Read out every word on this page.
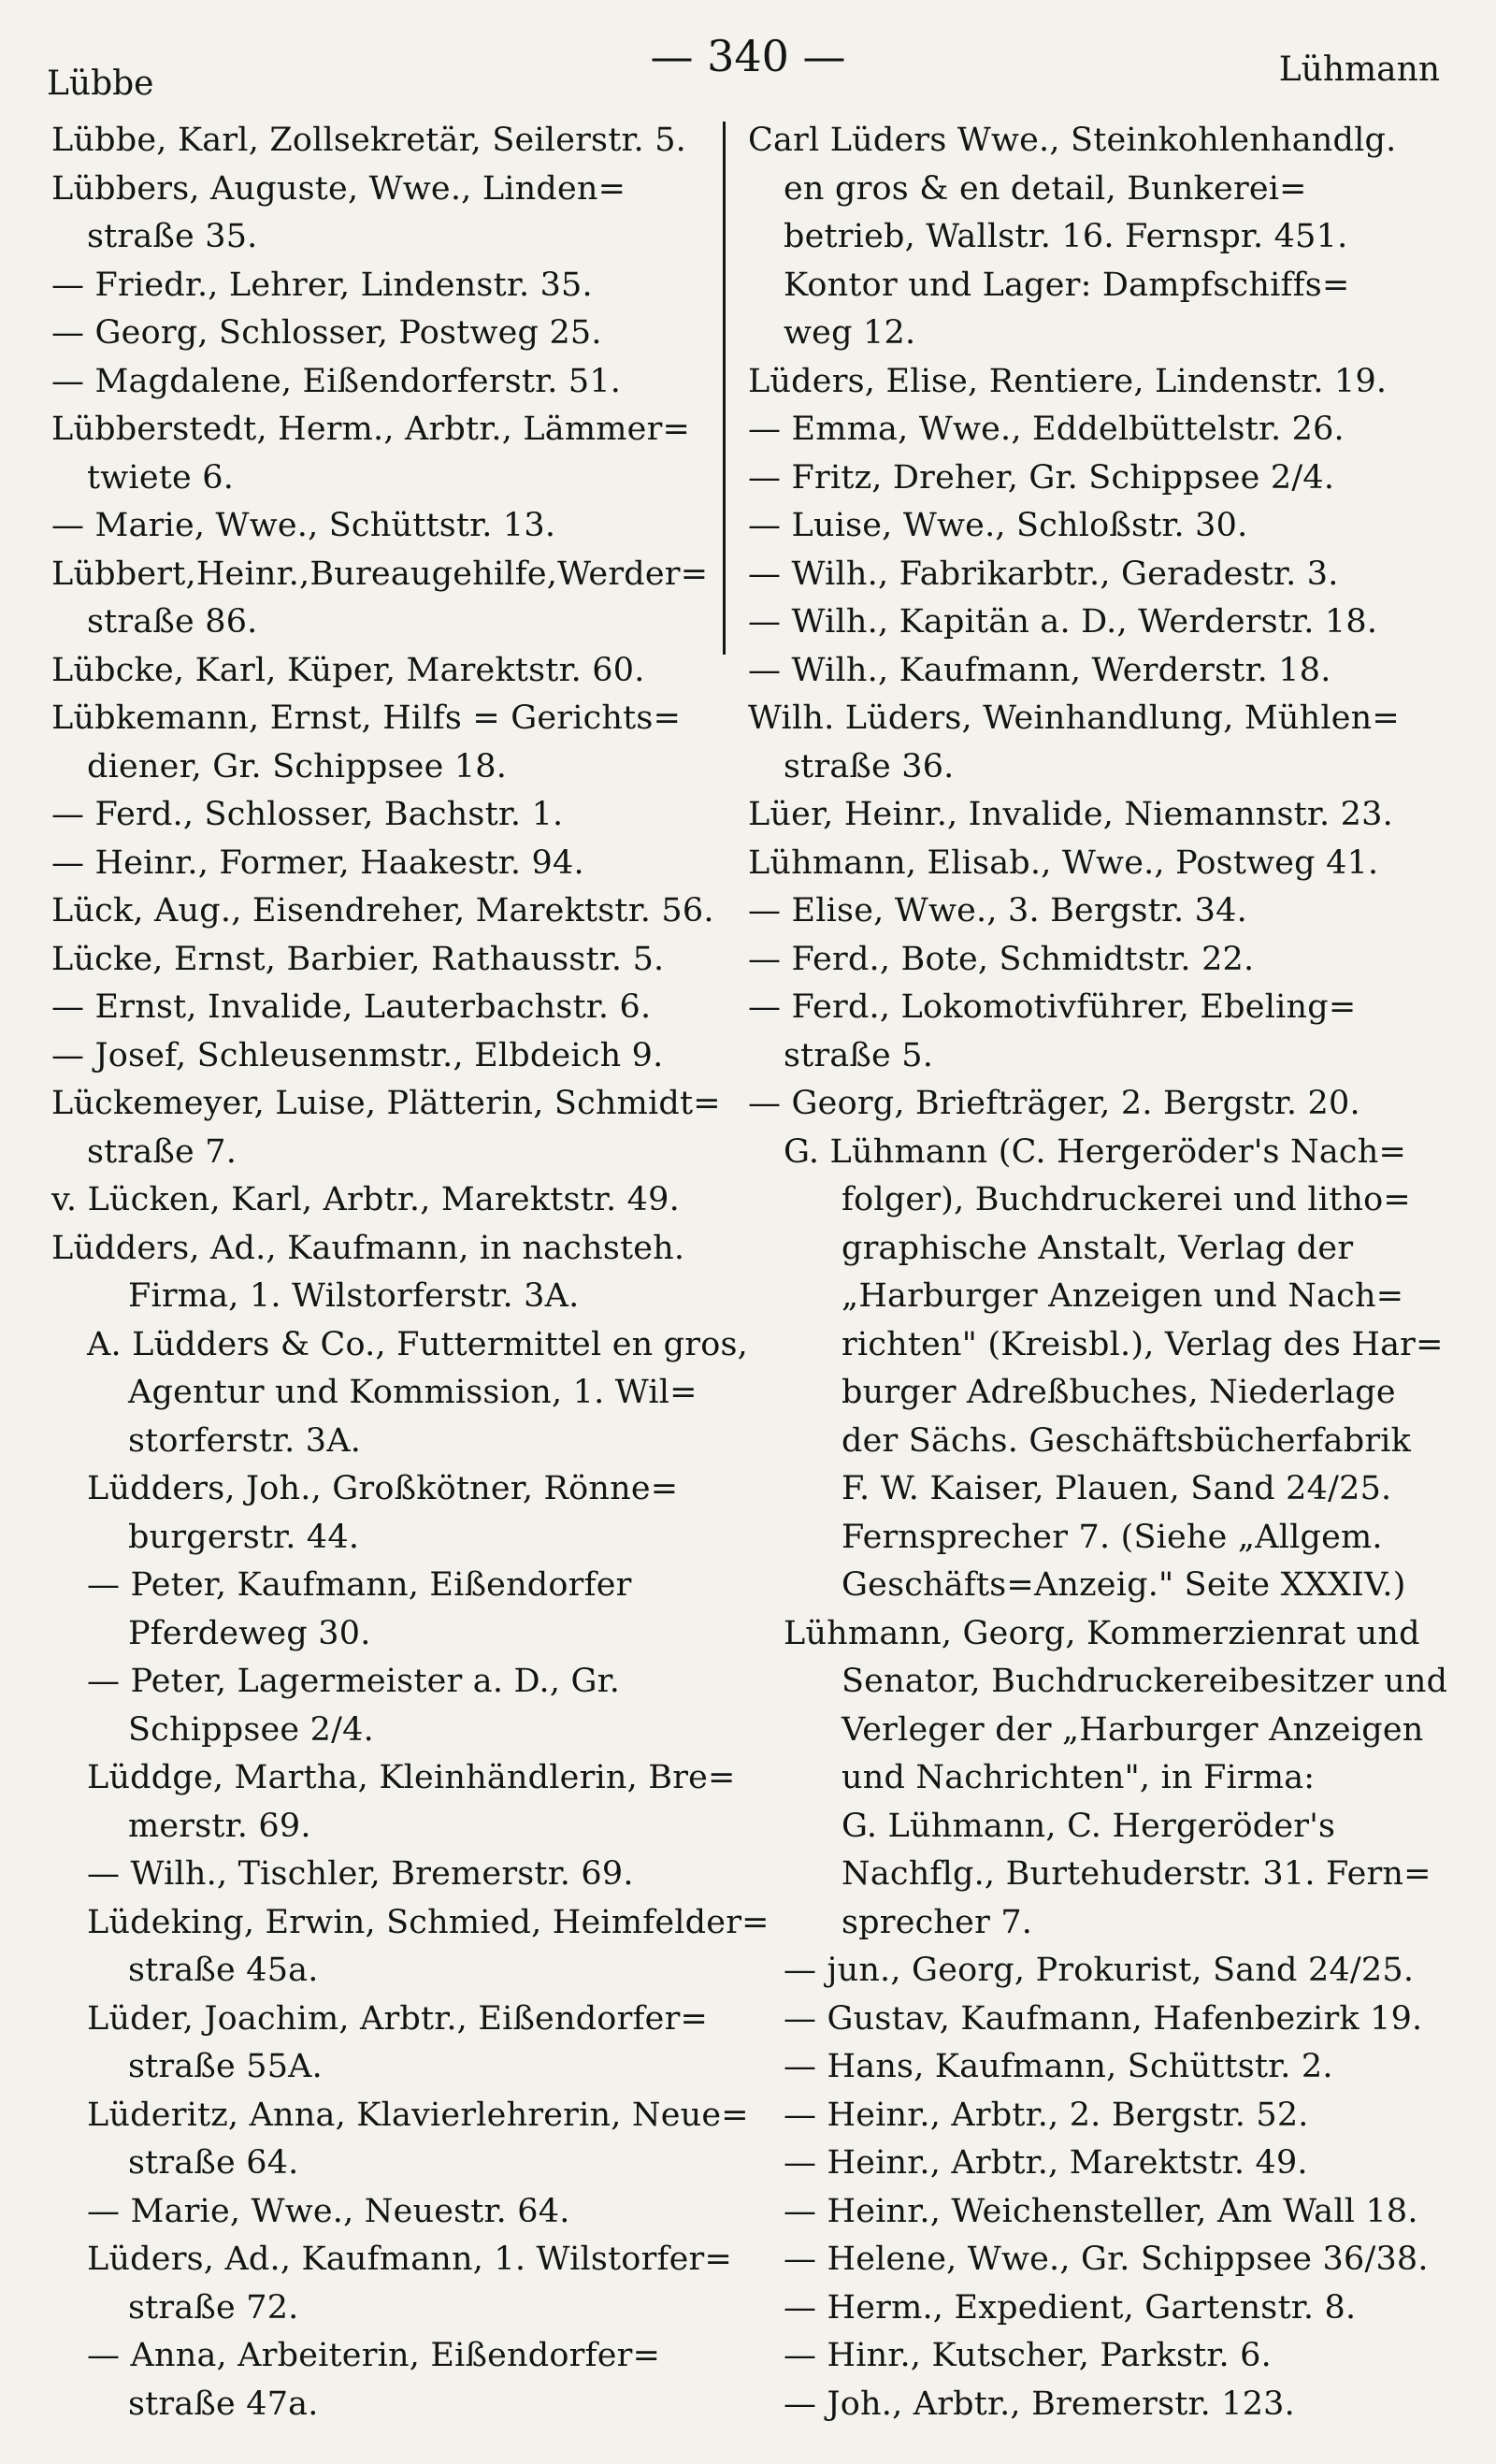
Lübbe
— 340 —	Lühmann
Lübbe, Karl, Zollsekretär, Seilerstr. 5.
Lübbers, Auguste, Wwe., Linden=
straße 35.
— Friedr., Lehrer, Lindenstr. 35.
— Georg, Schlosser, Postweg 25.
— Magdalene, Eißendorferstr. 51.
Lübberstedt, Herm., Arbtr., Lämmer=
twiete 6.
— Marie, Wwe., Schüttstr. 13.
Lübbert,Heinr.,Bureaugehilfe,Werder=
straße 86.
Lübcke, Karl, Küper, Marektstr. 60.
Lübkemann, Ernst, Hilfs = Gerichts=
diener, Gr. Schippsee 18.
— Ferd., Schlosser, Bachstr. 1.
— Heinr., Former, Haakestr. 94.
Lück, Aug., Eisendreher, Marektstr. 56.
Lücke, Ernst, Barbier, Rathausstr. 5.
— Ernst, Invalide, Lauterbachstr. 6.
— Josef, Schleusenmstr., Elbdeich 9.
Lückemeyer, Luise, Plätterin, Schmidt=
straße 7.
v. Lücken, Karl, Arbtr., Marektstr. 49.
Lüdders, Ad., Kaufmann, in nachsteh.
Firma, 1. Wilstorferstr. 3A.
A. Lüdders & Co., Futtermittel en gros,
Agentur und Kommission, 1. Wil=
storferstr. 3A.
Lüdders, Joh., Großkötner, Rönne=
burgerstr. 44.
— Peter, Kaufmann, Eißendorfer
Pferdeweg 30.
— Peter, Lagermeister a. D., Gr.
Schippsee 2/4.
Lüddge, Martha, Kleinhändlerin, Bre=
merstr. 69.
— Wilh., Tischler, Bremerstr. 69.
Lüdeking, Erwin, Schmied, Heimfelder=
straße 45a.
Lüder, Joachim, Arbtr., Eißendorfer=
straße 55A.
Lüderitz, Anna, Klavierlehrerin, Neue=
straße 64.
— Marie, Wwe., Neuestr. 64.
Lüders, Ad., Kaufmann, 1. Wilstorfer=
straße 72.
— Anna, Arbeiterin, Eißendorfer=
straße 47a.
Carl Lüders Wwe., Steinkohlenhandlg.
en gros & en detail, Bunkerei=
betrieb, Wallstr. 16. Fernspr. 451.
Kontor und Lager: Dampfschiffs=
weg 12.
Lüders, Elise, Rentiere, Lindenstr. 19.
— Emma, Wwe., Eddelbüttelstr. 26.
— Fritz, Dreher, Gr. Schippsee 2/4.
— Luise, Wwe., Schloßstr. 30.
— Wilh., Fabrikarbtr., Geradestr. 3.
— Wilh., Kapitän a. D., Werderstr. 18.
— Wilh., Kaufmann, Werderstr. 18.
Wilh. Lüders, Weinhandlung, Mühlen=
straße 36.
Lüer, Heinr., Invalide, Niemannstr. 23.
Lühmann, Elisab., Wwe., Postweg 41.
— Elise, Wwe., 3. Bergstr. 34.
— Ferd., Bote, Schmidtstr. 22.
— Ferd., Lokomotivführer, Ebeling=
straße 5.
— Georg, Briefträger, 2. Bergstr. 20.
G. Lühmann (C. Hergeröder's Nach=
folger), Buchdruckerei und litho=
graphische Anstalt, Verlag der
„Harburger Anzeigen und Nach=
richten" (Kreisbl.), Verlag des Har=
burger Adreßbuches, Niederlage
der Sächs. Geschäftsbücherfabrik
F. W. Kaiser, Plauen, Sand 24/25.
Fernsprecher 7. (Siehe „Allgem.
Geschäfts=Anzeig." Seite XXXIV.)
Lühmann, Georg, Kommerzienrat und
Senator, Buchdruckereibesitzer und
Verleger der „Harburger Anzeigen
und Nachrichten", in Firma:
G. Lühmann, C. Hergeröder's
Nachflg., Burtehuderstr. 31. Fern=
sprecher 7.
— jun., Georg, Prokurist, Sand 24/25.
— Gustav, Kaufmann, Hafenbezirk 19.
— Hans, Kaufmann, Schüttstr. 2.
— Heinr., Arbtr., 2. Bergstr. 52.
— Heinr., Arbtr., Marektstr. 49.
— Heinr., Weichensteller, Am Wall 18.
— Helene, Wwe., Gr. Schippsee 36/38.
— Herm., Expedient, Gartenstr. 8.
— Hinr., Kutscher, Parkstr. 6.
— Joh., Arbtr., Bremerstr. 123.
